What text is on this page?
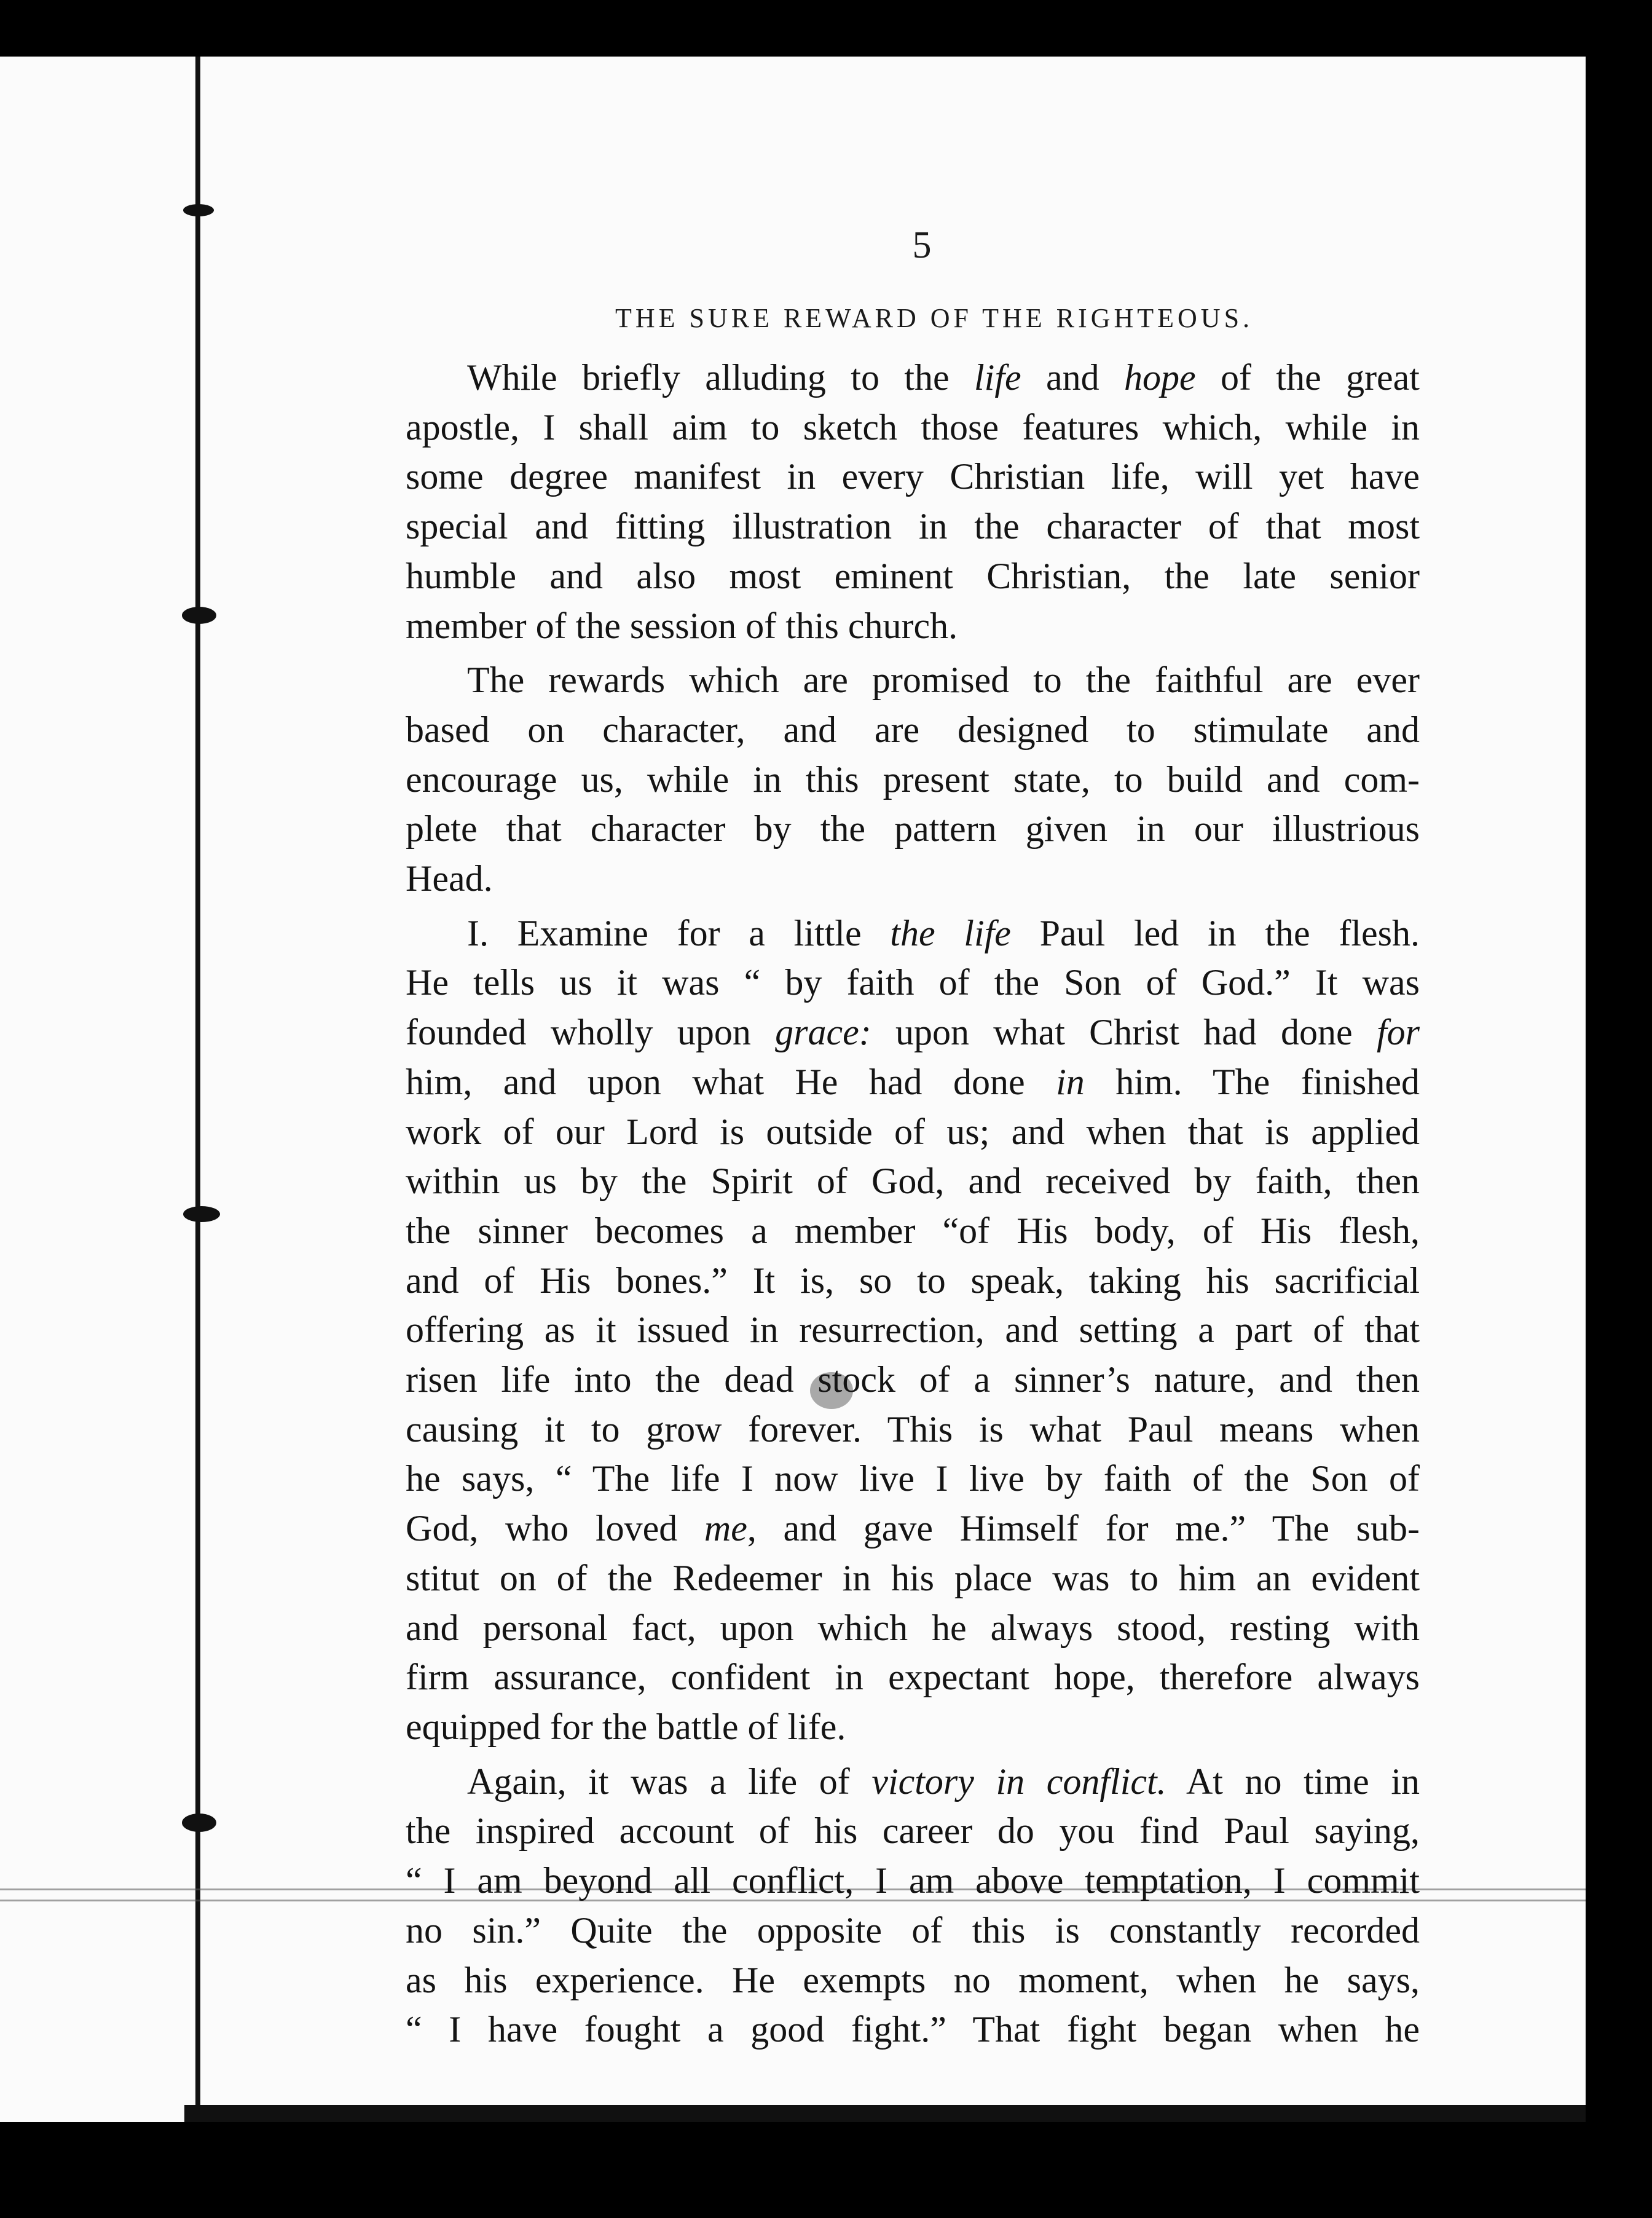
5
THE SURE REWARD OF THE RIGHTEOUS.
While briefly alluding to the life and hope of the great
apostle, I shall aim to sketch those features which, while in
some degree manifest in every Christian life, will yet have
special and fitting illustration in the character of that most
humble and also most eminent Christian, the late senior
member of the session of this church.
The rewards which are promised to the faithful are ever
based on character, and are designed to stimulate and
encourage us, while in this present state, to build and com-
plete that character by the pattern given in our illustrious
Head.
I. Examine for a little the life Paul led in the flesh.
He tells us it was “ by faith of the Son of God.” It was
founded wholly upon grace: upon what Christ had done for
him, and upon what He had done in him. The finished
work of our Lord is outside of us; and when that is applied
within us by the Spirit of God, and received by faith, then
the sinner becomes a member “of His body, of His flesh,
and of His bones.” It is, so to speak, taking his sacrificial
offering as it issued in resurrection, and setting a part of that
risen life into the dead stock of a sinner’s nature, and then
causing it to grow forever. This is what Paul means when
he says, “ The life I now live I live by faith of the Son of
God, who loved me, and gave Himself for me.” The sub-
stitut on of the Redeemer in his place was to him an evident
and personal fact, upon which he always stood, resting with
firm assurance, confident in expectant hope, therefore always
equipped for the battle of life.
Again, it was a life of victory in conflict. At no time in
the inspired account of his career do you find Paul saying,
“ I am beyond all conflict, I am above temptation, I commit
no sin.” Quite the opposite of this is constantly recorded
as his experience. He exempts no moment, when he says,
“ I have fought a good fight.” That fight began when he
